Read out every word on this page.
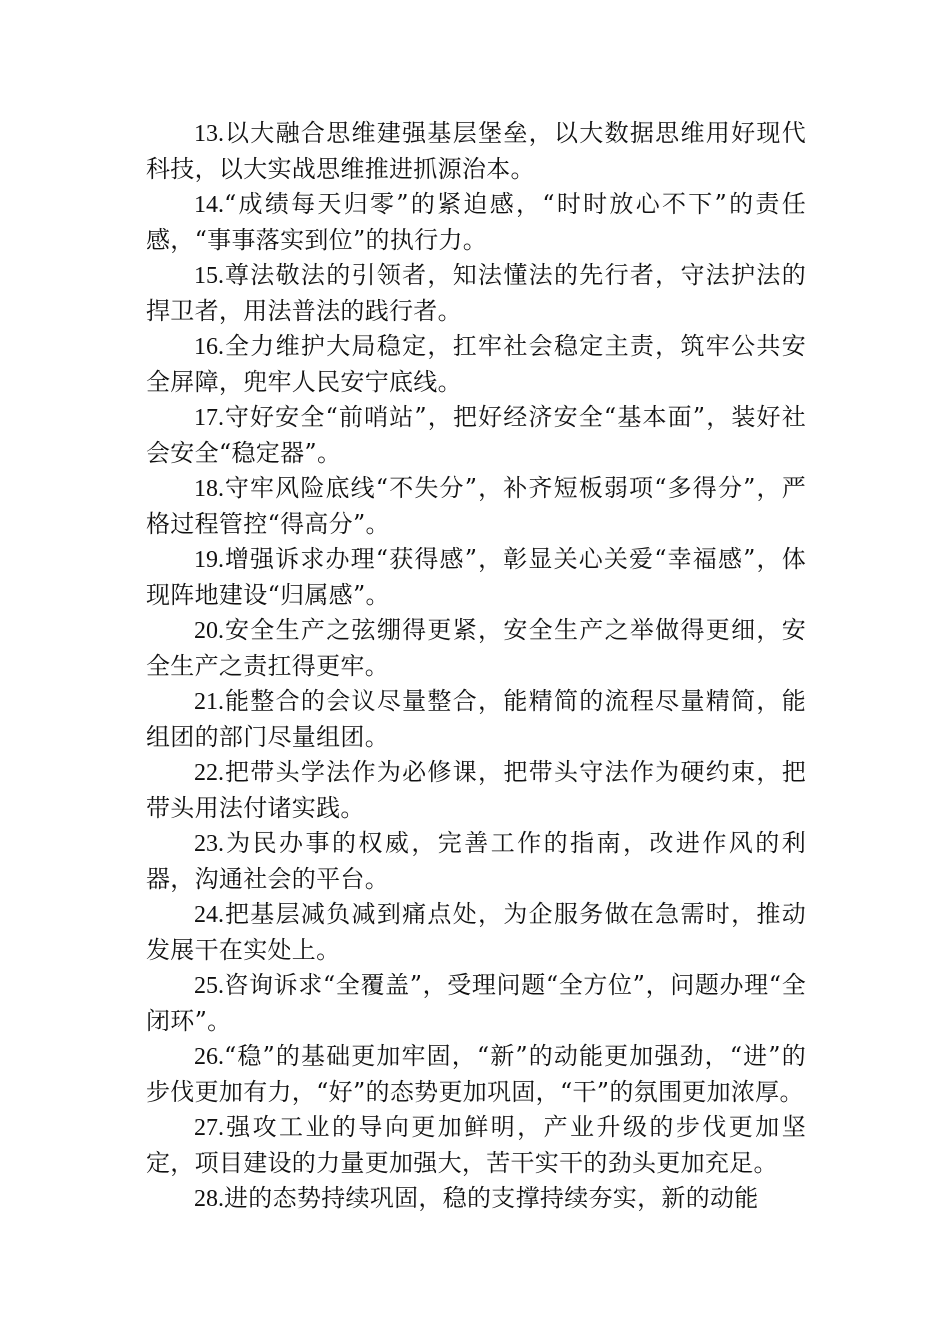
13.以大融合思维建强基层堡垒，以大数据思维用好现代科技，以大实战思维推进抓源治本。

14.“成绩每天归零”的紧迫感，“时时放心不下”的责任感，“事事落实到位”的执行力。

15.尊法敬法的引领者，知法懂法的先行者，守法护法的捍卫者，用法普法的践行者。

16.全力维护大局稳定，扛牢社会稳定主责，筑牢公共安全屏障，兜牢人民安宁底线。

17.守好安全“前哨站”，把好经济安全“基本面”，装好社会安全“稳定器”。

18.守牢风险底线“不失分”，补齐短板弱项“多得分”，严格过程管控“得高分”。

19.增强诉求办理“获得感”，彰显关心关爱“幸福感”，体现阵地建设“归属感”。

20.安全生产之弦绷得更紧，安全生产之举做得更细，安全生产之责扛得更牢。

21.能整合的会议尽量整合，能精简的流程尽量精简，能组团的部门尽量组团。

22.把带头学法作为必修课，把带头守法作为硬约束，把带头用法付诸实践。

23.为民办事的权威，完善工作的指南，改进作风的利器，沟通社会的平台。

24.把基层减负减到痛点处，为企服务做在急需时，推动发展干在实处上。

25.咨询诉求“全覆盖”，受理问题“全方位”，问题办理“全闭环”。

26.“稳”的基础更加牢固，“新”的动能更加强劲，“进”的步伐更加有力，“好”的态势更加巩固，“干”的氛围更加浓厚。

27.强攻工业的导向更加鲜明，产业升级的步伐更加坚定，项目建设的力量更加强大，苦干实干的劲头更加充足。

28.进的态势持续巩固，稳的支撑持续夯实，新的动能
